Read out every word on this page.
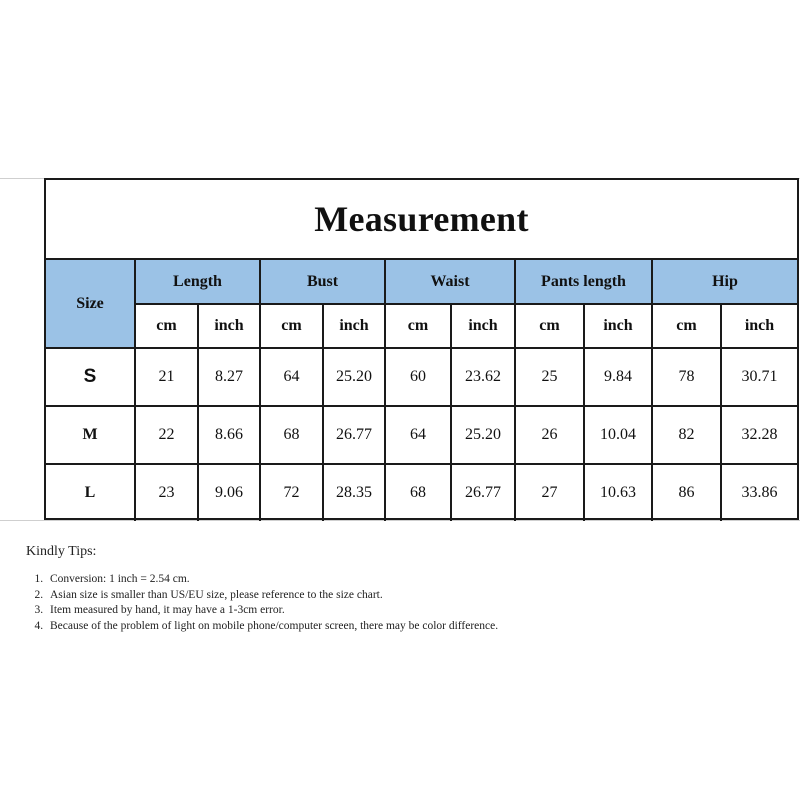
Measurement
Size	Length		Bust		Waist		Pants length		Hip	
	cm	inch	cm	inch	cm	inch	cm	inch	cm	inch
S	21	8.27	64	25.20	60	23.62	25	9.84	78	30.71
M	22	8.66	68	26.77	64	25.20	26	10.04	82	32.28
L	23	9.06	72	28.35	68	26.77	27	10.63	86	33.86
Kindly Tips:
1. Conversion: 1 inch = 2.54 cm.
2. Asian size is smaller than US/EU size, please reference to the size chart.
3. Item measured by hand, it may have a 1-3cm error.
4. Because of the problem of light on mobile phone/computer screen, there may be color difference.
